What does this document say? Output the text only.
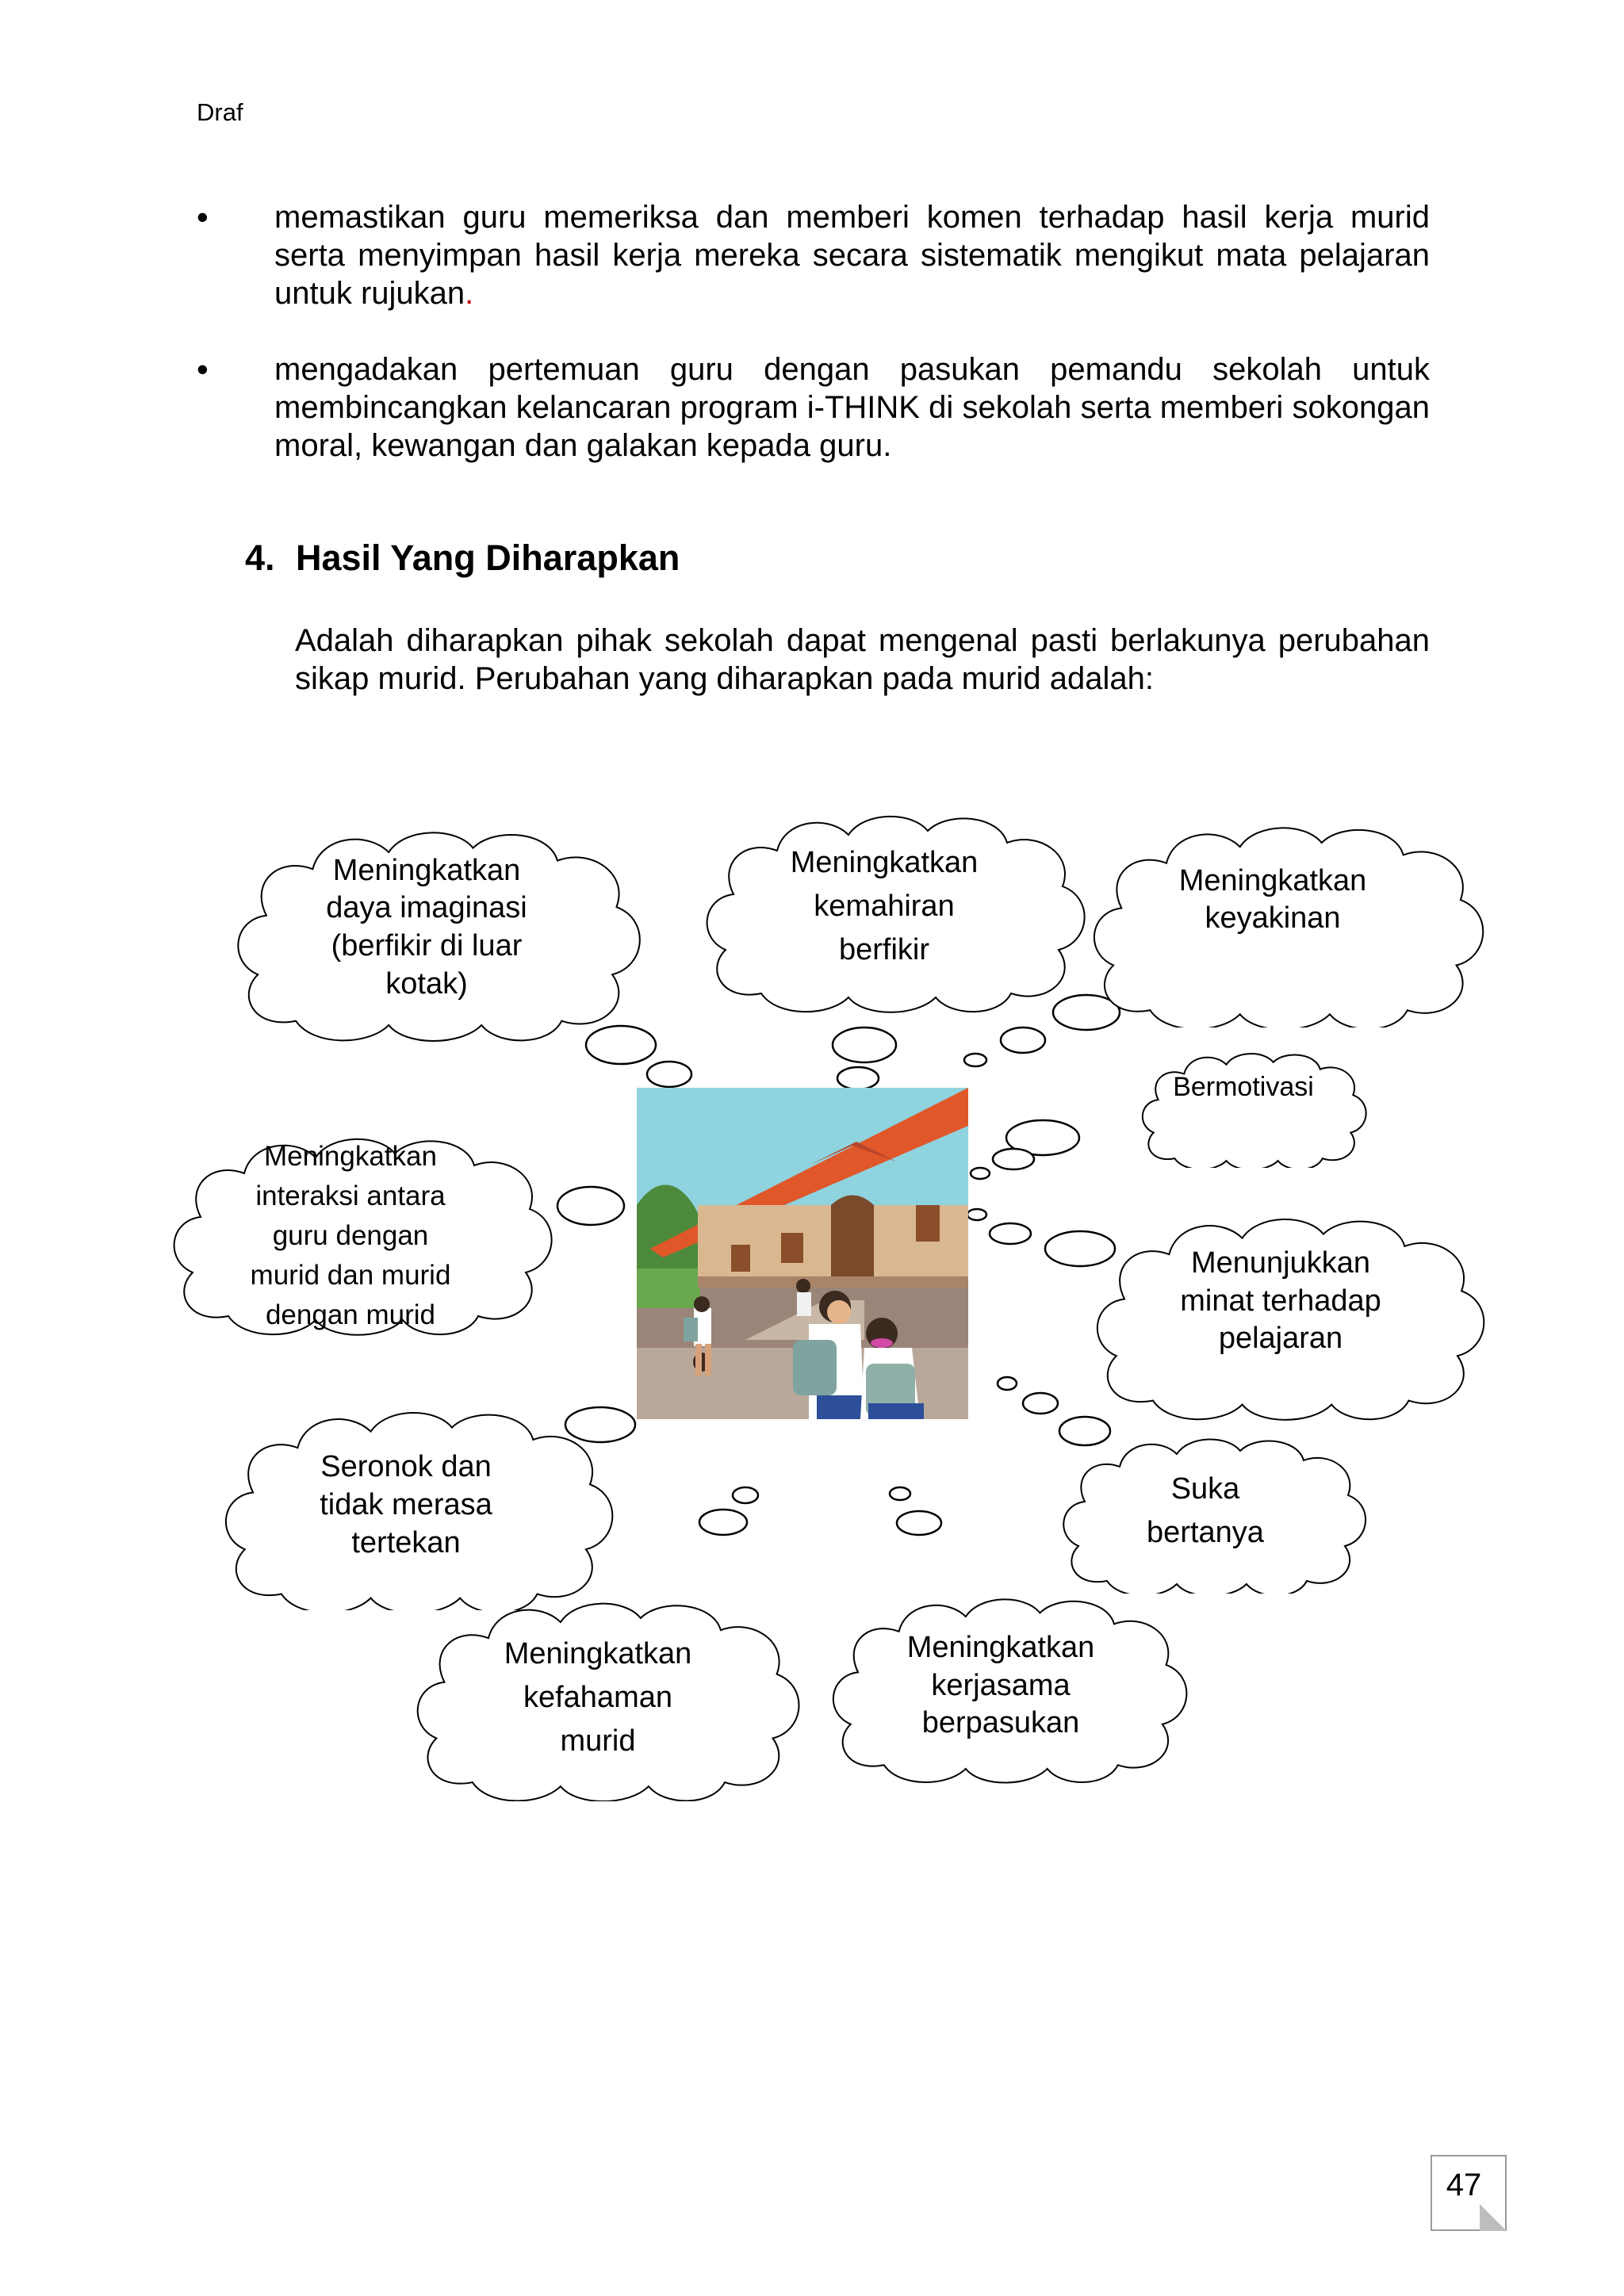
Draf
• memastikan guru memeriksa dan memberi komen terhadap hasil kerja murid serta menyimpan hasil kerja mereka secara sistematik mengikut mata pelajaran untuk rujukan.
• mengadakan pertemuan guru dengan pasukan pemandu sekolah untuk membincangkan kelancaran program i-THINK di sekolah serta memberi sokongan moral, kewangan dan galakan kepada guru.
4. Hasil Yang Diharapkan
Adalah diharapkan pihak sekolah dapat mengenal pasti berlakunya perubahan sikap murid. Perubahan yang diharapkan pada murid adalah:
Meningkatkan
daya imaginasi
(berfikir di luar
kotak)
Meningkatkan
kemahiran
berfikir
Meningkatkan
keyakinan
Bermotivasi
Meningkatkan
interaksi antara
guru dengan
murid dan murid
dengan murid
Menunjukkan
minat terhadap
pelajaran
Seronok dan
tidak merasa
tertekan
Suka
bertanya
Meningkatkan
kefahaman
murid
Meningkatkan
kerjasama
berpasukan
47
